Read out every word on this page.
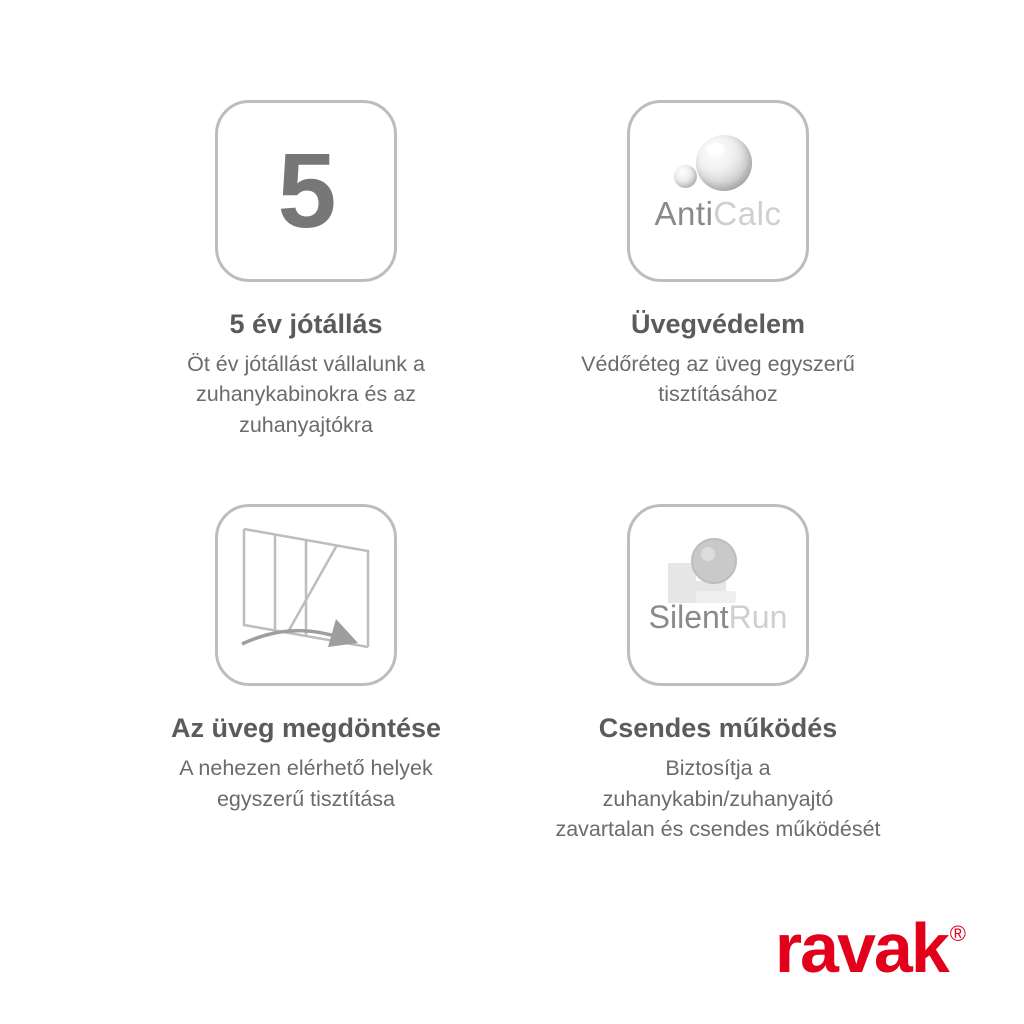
5
5 év jótállás
Öt év jótállást vállalunk a zuhanykabinokra és az zuhanyajtókra
AntiCalc
Üvegvédelem
Védőréteg az üveg egyszerű tisztításához
Az üveg megdöntése
A nehezen elérhető helyek egyszerű tisztítása
SilentRun
Csendes működés
Biztosítja a zuhanykabin/zuhanyajtó zavartalan és csendes működését
ravak ®
